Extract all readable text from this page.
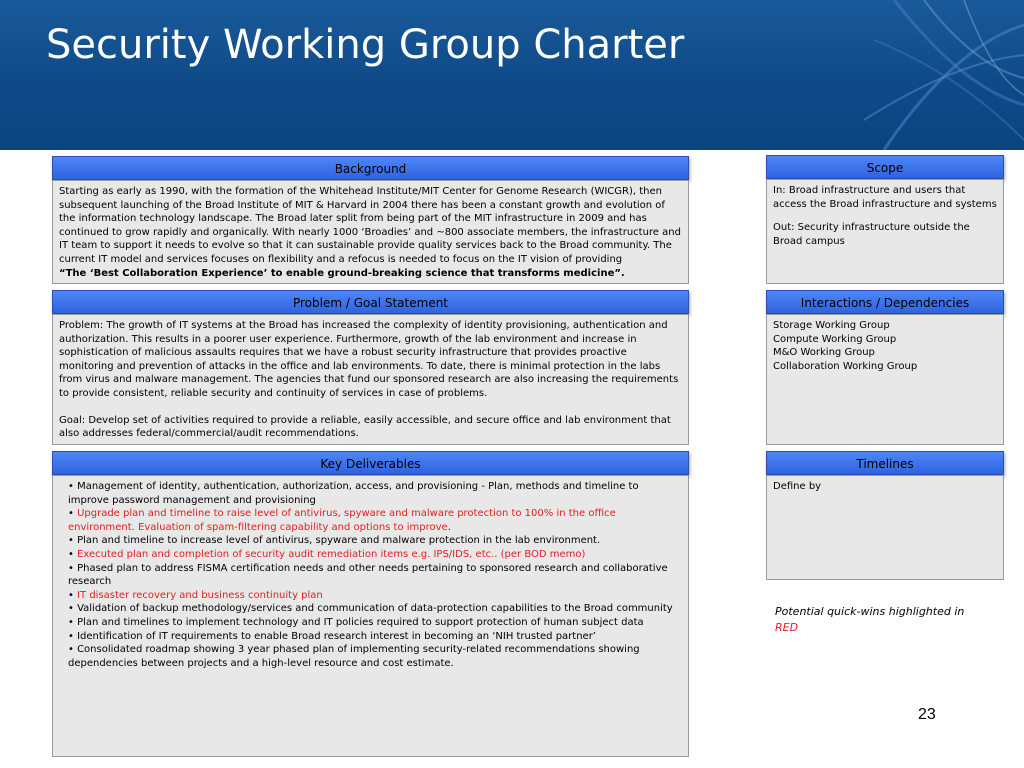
Security Working Group Charter
Background

Starting as early as 1990, with the formation of the Whitehead Institute/MIT Center for Genome Research (WICGR), then subsequent launching of the Broad Institute of MIT & Harvard in 2004 there has been a constant growth and evolution of the information technology landscape. The Broad later split from being part of the MIT infrastructure in 2009 and has continued to grow rapidly and organically. With nearly 1000 ‘Broadies’ and ~800 associate members, the infrastructure and IT team to support it needs to evolve so that it can sustainable provide quality services back to the Broad community. The current IT model and services focuses on flexibility and a refocus is needed to focus on the IT vision of providing

“The ‘Best Collaboration Experience’ to enable ground-breaking science that transforms medicine”.

Scope

In: Broad infrastructure and users that access the Broad infrastructure and systems

Out: Security infrastructure outside the Broad campus

Problem / Goal Statement

Problem: The growth of IT systems at the Broad has increased the complexity of identity provisioning, authentication and authorization. This results in a poorer user experience. Furthermore, growth of the lab environment and increase in sophistication of malicious assaults requires that we have a robust security infrastructure that provides proactive monitoring and prevention of attacks in the office and lab environments. To date, there is minimal protection in the labs from virus and malware management. The agencies that fund our sponsored research are also increasing the requirements to provide consistent, reliable security and continuity of services in case of problems.

Goal: Develop set of activities required to provide a reliable, easily accessible, and secure office and lab environment that also addresses federal/commercial/audit recommendations.

Interactions / Dependencies

Storage Working Group

Compute Working Group

M&O Working Group

Collaboration Working Group

Key Deliverables

• Management of identity, authentication, authorization, access, and provisioning - Plan, methods and timeline to improve password management and provisioning

• Upgrade plan and timeline to raise level of antivirus, spyware and malware protection to 100% in the office environment. Evaluation of spam-filtering capability and options to improve.

• Plan and timeline to increase level of antivirus, spyware and malware protection in the lab environment.

• Executed plan and completion of security audit remediation items e.g. IPS/IDS, etc.. (per BOD memo)

• Phased plan to address FISMA certification needs and other needs pertaining to sponsored research and collaborative research

• IT disaster recovery and business continuity plan

• Validation of backup methodology/services and communication of data-protection capabilities to the Broad community

• Plan and timelines to implement technology and IT policies required to support protection of human subject data

• Identification of IT requirements to enable Broad research interest in becoming an ‘NIH trusted partner’

• Consolidated roadmap showing 3 year phased plan of implementing security-related recommendations showing dependencies between projects and a high-level resource and cost estimate.

Timelines

Define by

Potential quick-wins highlighted in
RED
23
